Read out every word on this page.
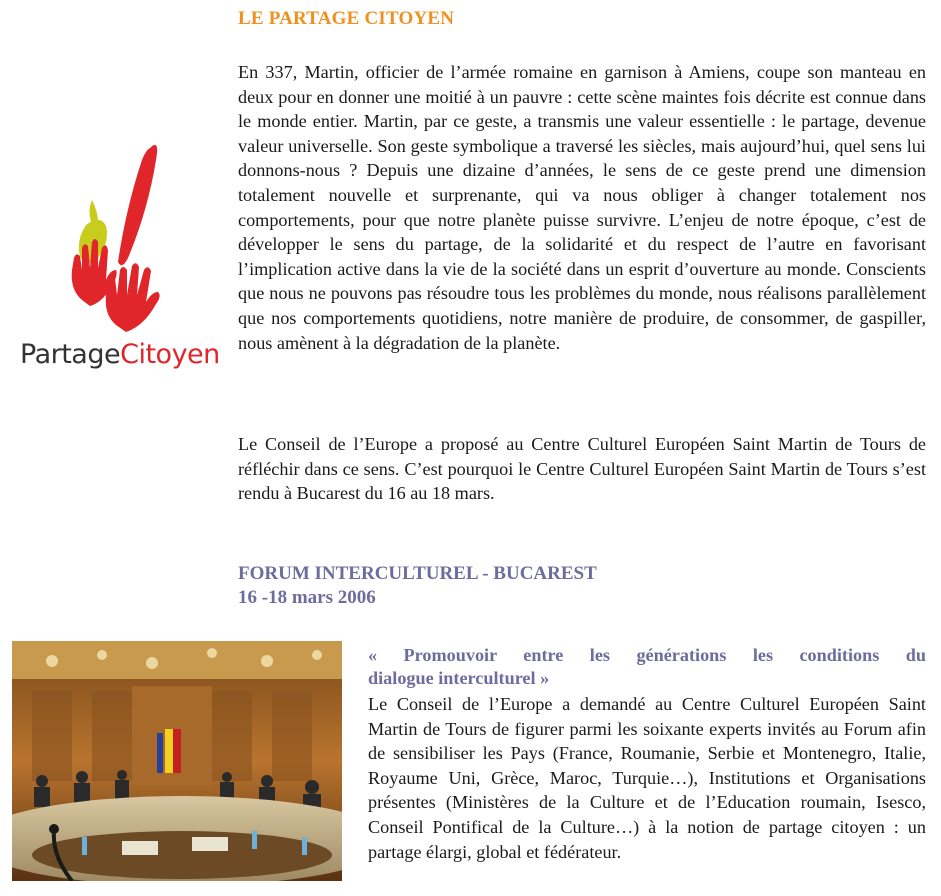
LE PARTAGE CITOYEN

En 337, Martin, officier de l’armée romaine en garnison à Amiens, coupe son manteau en deux pour en donner une moitié à un pauvre : cette scène maintes fois décrite est connue dans le monde entier. Martin, par ce geste, a transmis une valeur essentielle : le partage, devenue valeur universelle. Son geste symbolique a traversé les siècles, mais aujourd’hui, quel sens lui donnons-nous ? Depuis une dizaine d’années, le sens de ce geste prend une dimension totalement nouvelle et surprenante, qui va nous obliger à changer totalement nos comportements, pour que notre planète puisse survivre. L’enjeu de notre époque, c’est de développer le sens du partage, de la solidarité et du respect de l’autre en favorisant l’implication active dans la vie de la société dans un esprit d’ouverture au monde. Conscients que nous ne pouvons pas résoudre tous les problèmes du monde, nous réalisons parallèlement que nos comportements quotidiens, notre manière de produire, de consommer, de gaspiller, nous amènent à la dégradation de la planète.

PartageCitoyen

Le Conseil de l’Europe a proposé au Centre Culturel Européen Saint Martin de Tours de réfléchir dans ce sens. C’est pourquoi le Centre Culturel Européen Saint Martin de Tours s’est rendu à Bucarest du 16 au 18 mars.

FORUM INTERCULTUREL - BUCAREST
16 -18 mars 2006
« Promouvoir entre les générations les conditions du
dialogue interculturel »

Le Conseil de l’Europe a demandé au Centre Culturel Européen Saint Martin de Tours de figurer parmi les soixante experts invités au Forum afin de sensibiliser les Pays (France, Roumanie, Serbie et Montenegro, Italie, Royaume Uni, Grèce, Maroc, Turquie…), Institutions et Organisations présentes (Ministères de la Culture et de l’Education roumain, Isesco, Conseil Pontifical de la Culture…) à la notion de partage citoyen : un partage élargi, global et fédérateur.
